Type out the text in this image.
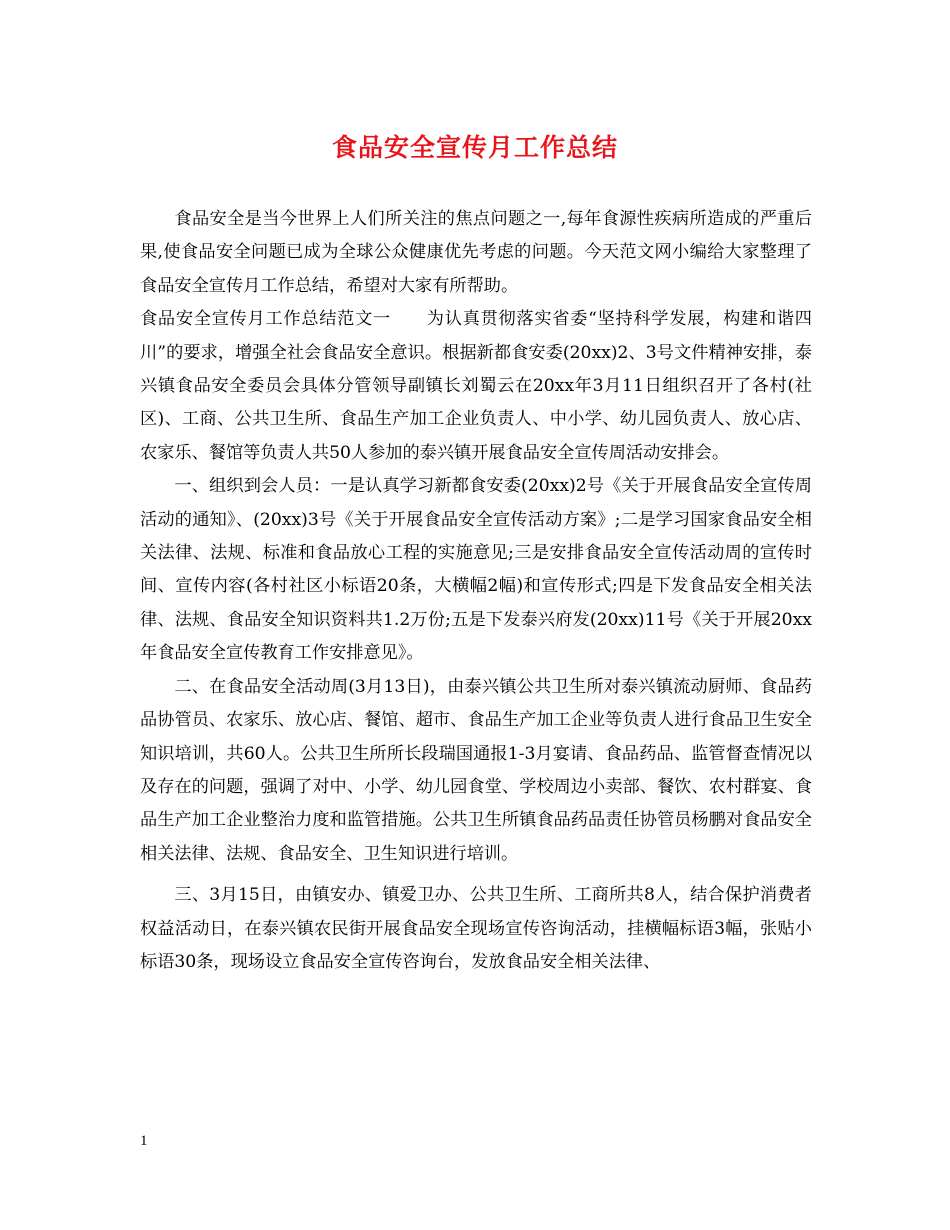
食品安全宣传月工作总结

食品安全是当今世界上人们所关注的焦点问题之一,每年食源性疾病所造成的严重后果,使食品安全问题已成为全球公众健康优先考虑的问题。今天范文网小编给大家整理了食品安全宣传月工作总结，希望对大家有所帮助。

食品安全宣传月工作总结范文一　　为认真贯彻落实省委“坚持科学发展，构建和谐四川”的要求，增强全社会食品安全意识。根据新都食安委(20xx)2、3号文件精神安排，泰兴镇食品安全委员会具体分管领导副镇长刘蜀云在20xx年3月11日组织召开了各村(社区)、工商、公共卫生所、食品生产加工企业负责人、中小学、幼儿园负责人、放心店、农家乐、餐馆等负责人共50人参加的泰兴镇开展食品安全宣传周活动安排会。

一、组织到会人员：一是认真学习新都食安委(20xx)2号《关于开展食品安全宣传周活动的通知》、(20xx)3号《关于开展食品安全宣传活动方案》;二是学习国家食品安全相关法律、法规、标准和食品放心工程的实施意见;三是安排食品安全宣传活动周的宣传时间、宣传内容(各村社区小标语20条，大横幅2幅)和宣传形式;四是下发食品安全相关法律、法规、食品安全知识资料共1.2万份;五是下发泰兴府发(20xx)11号《关于开展20xx年食品安全宣传教育工作安排意见》。

二、在食品安全活动周(3月13日)，由泰兴镇公共卫生所对泰兴镇流动厨师、食品药品协管员、农家乐、放心店、餐馆、超市、食品生产加工企业等负责人进行食品卫生安全知识培训，共60人。公共卫生所所长段瑞国通报1-3月宴请、食品药品、监管督查情况以及存在的问题，强调了对中、小学、幼儿园食堂、学校周边小卖部、餐饮、农村群宴、食品生产加工企业整治力度和监管措施。公共卫生所镇食品药品责任协管员杨鹏对食品安全相关法律、法规、食品安全、卫生知识进行培训。

三、3月15日，由镇安办、镇爱卫办、公共卫生所、工商所共8人，结合保护消费者权益活动日，在泰兴镇农民街开展食品安全现场宣传咨询活动，挂横幅标语3幅，张贴小标语30条，现场设立食品安全宣传咨询台，发放食品安全相关法律、

1
